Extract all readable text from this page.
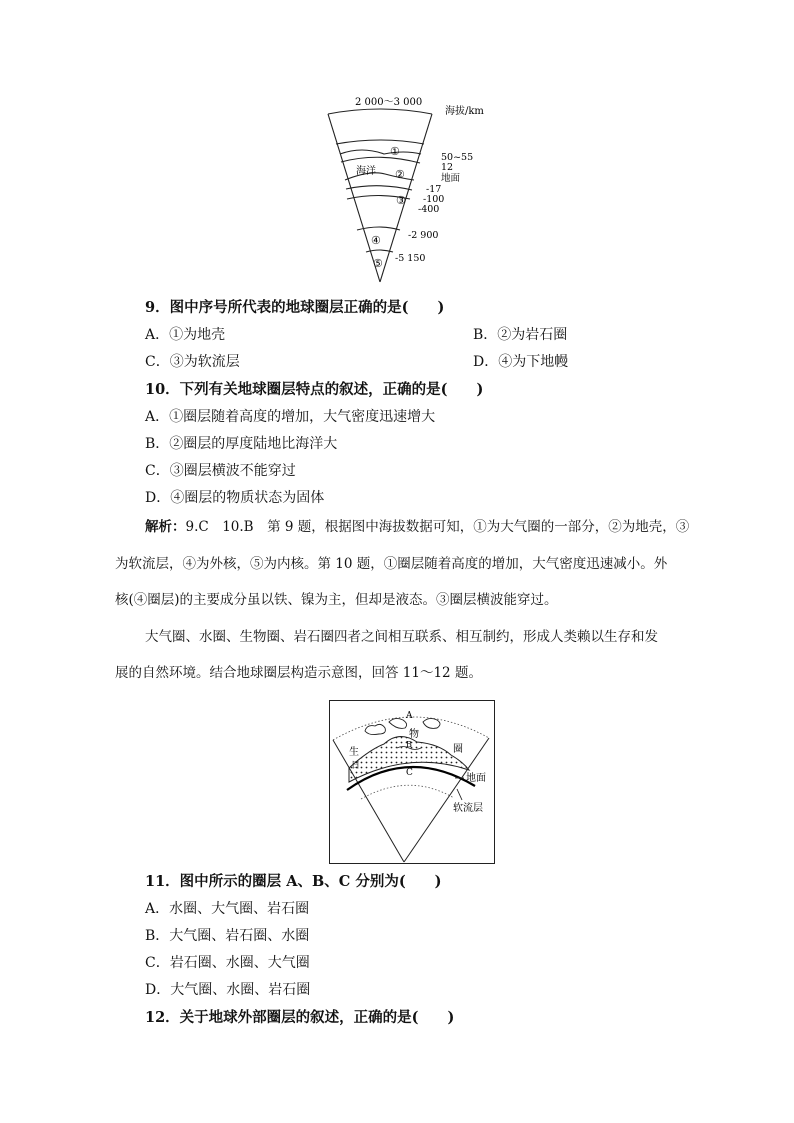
2 000～3 000
海拔/km
海洋
①
②
③
④
⑤
50~55
12
地面
-17
-100
-400
-2 900
-5 150
9．图中序号所代表的地球圈层正确的是(　　)
A．①为地壳	B．②为岩石圈
C．③为软流层	D．④为下地幔
10．下列有关地球圈层特点的叙述，正确的是(　　)
A．①圈层随着高度的增加，大气密度迅速增大
B．②圈层的厚度陆地比海洋大
C．③圈层横波不能穿过
D．④圈层的物质状态为固体
解析：9.C　10.B　第 9 题，根据图中海拔数据可知，①为大气圈的一部分，②为地壳，③
为软流层，④为外核，⑤为内核。第 10 题，①圈层随着高度的增加，大气密度迅速减小。外
核(④圈层)的主要成分虽以铁、镍为主，但却是液态。③圈层横波能穿过。
大气圈、水圈、生物圈、岩石圈四者之间相互联系、相互制约，形成人类赖以生存和发
展的自然环境。结合地球圈层构造示意图，回答 11～12 题。
A
B
C
生
日
物
圈
地面
软流层
11．图中所示的圈层 A、B、C 分别为(　　)
A．水圈、大气圈、岩石圈
B．大气圈、岩石圈、水圈
C．岩石圈、水圈、大气圈
D．大气圈、水圈、岩石圈
12．关于地球外部圈层的叙述，正确的是(　　)
